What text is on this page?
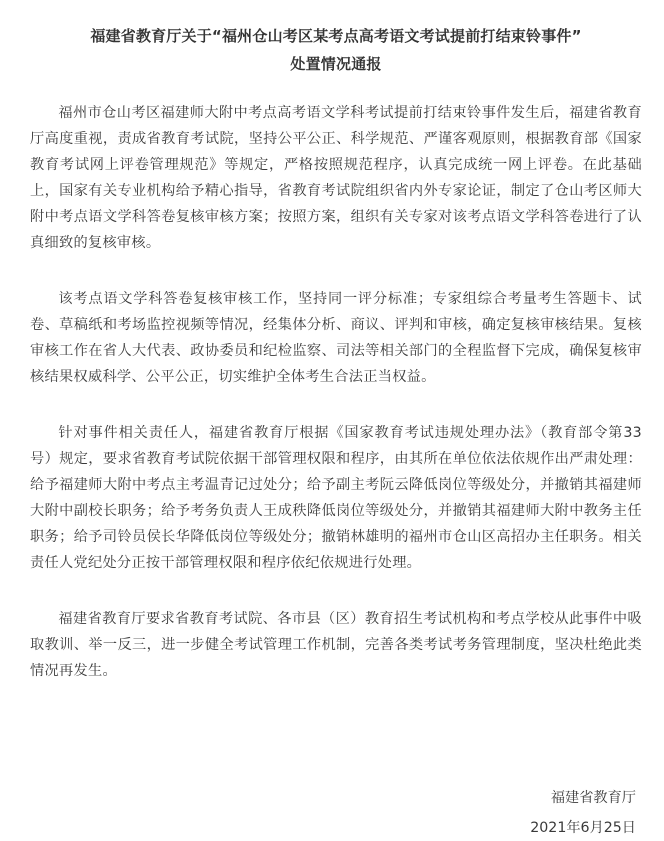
福建省教育厅关于“福州仓山考区某考点高考语文考试提前打结束铃事件”
处置情况通报

福州市仓山考区福建师大附中考点高考语文学科考试提前打结束铃事件发生后，福建省教育厅高度重视，责成省教育考试院，坚持公平公正、科学规范、严谨客观原则，根据教育部《国家教育考试网上评卷管理规范》等规定，严格按照规范程序，认真完成统一网上评卷。在此基础上，国家有关专业机构给予精心指导，省教育考试院组织省内外专家论证，制定了仓山考区师大附中考点语文学科答卷复核审核方案；按照方案，组织有关专家对该考点语文学科答卷进行了认真细致的复核审核。

该考点语文学科答卷复核审核工作，坚持同一评分标准；专家组综合考量考生答题卡、试卷、草稿纸和考场监控视频等情况，经集体分析、商议、评判和审核，确定复核审核结果。复核审核工作在省人大代表、政协委员和纪检监察、司法等相关部门的全程监督下完成，确保复核审核结果权威科学、公平公正，切实维护全体考生合法正当权益。

针对事件相关责任人，福建省教育厅根据《国家教育考试违规处理办法》（教育部令第33号）规定，要求省教育考试院依据干部管理权限和程序，由其所在单位依法依规作出严肃处理：给予福建师大附中考点主考温青记过处分；给予副主考阮云降低岗位等级处分，并撤销其福建师大附中副校长职务；给予考务负责人王成秩降低岗位等级处分，并撤销其福建师大附中教务主任职务；给予司铃员侯长华降低岗位等级处分；撤销林雄明的福州市仓山区高招办主任职务。相关责任人党纪处分正按干部管理权限和程序依纪依规进行处理。

福建省教育厅要求省教育考试院、各市县（区）教育招生考试机构和考点学校从此事件中吸取教训、举一反三，进一步健全考试管理工作机制，完善各类考试考务管理制度，坚决杜绝此类情况再发生。

福建省教育厅
2021年6月25日
